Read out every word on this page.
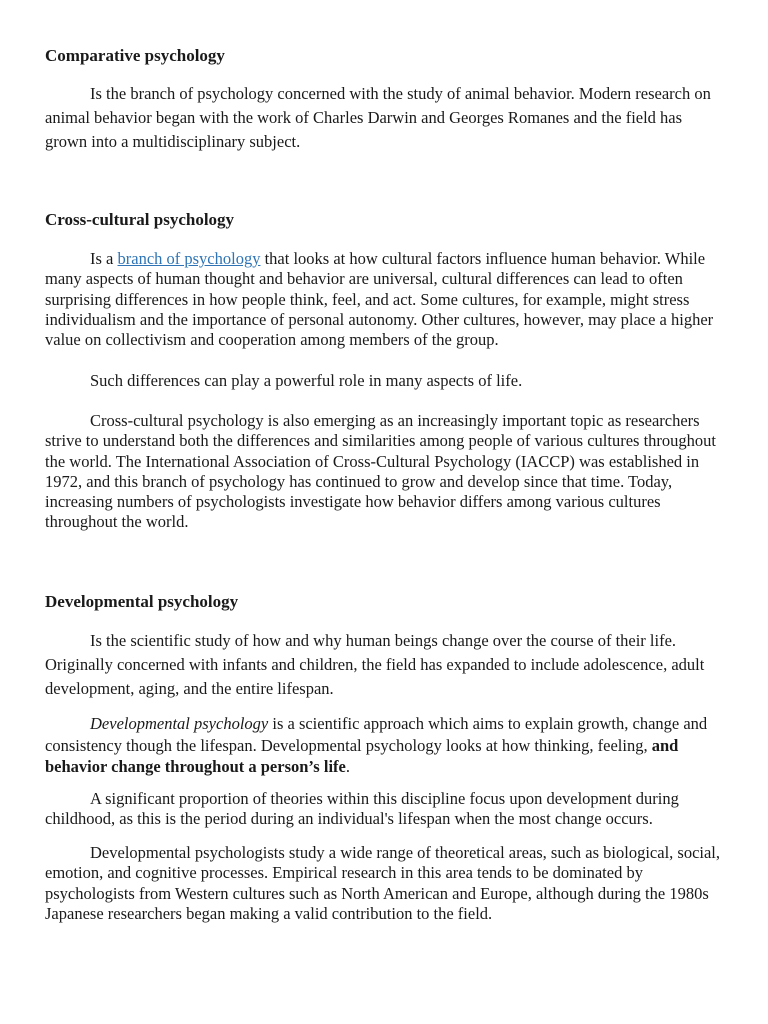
Comparative psychology

Is the branch of psychology concerned with the study of animal behavior. Modern research on animal behavior began with the work of Charles Darwin and Georges Romanes and the field has grown into a multidisciplinary subject.

Cross-cultural psychology

Is a branch of psychology that looks at how cultural factors influence human behavior. While many aspects of human thought and behavior are universal, cultural differences can lead to often surprising differences in how people think, feel, and act. Some cultures, for example, might stress individualism and the importance of personal autonomy. Other cultures, however, may place a higher value on collectivism and cooperation among members of the group.

Such differences can play a powerful role in many aspects of life.

Cross-cultural psychology is also emerging as an increasingly important topic as researchers strive to understand both the differences and similarities among people of various cultures throughout the world. The International Association of Cross-Cultural Psychology (IACCP) was established in 1972, and this branch of psychology has continued to grow and develop since that time. Today, increasing numbers of psychologists investigate how behavior differs among various cultures throughout the world.

Developmental psychology

Is the scientific study of how and why human beings change over the course of their life. Originally concerned with infants and children, the field has expanded to include adolescence, adult development, aging, and the entire lifespan.

Developmental psychology is a scientific approach which aims to explain growth, change and consistency though the lifespan. Developmental psychology looks at how thinking, feeling, and behavior change throughout a person’s life.

A significant proportion of theories within this discipline focus upon development during childhood, as this is the period during an individual's lifespan when the most change occurs.

Developmental psychologists study a wide range of theoretical areas, such as biological, social, emotion, and cognitive processes. Empirical research in this area tends to be dominated by psychologists from Western cultures such as North American and Europe, although during the 1980s Japanese researchers began making a valid contribution to the field.
